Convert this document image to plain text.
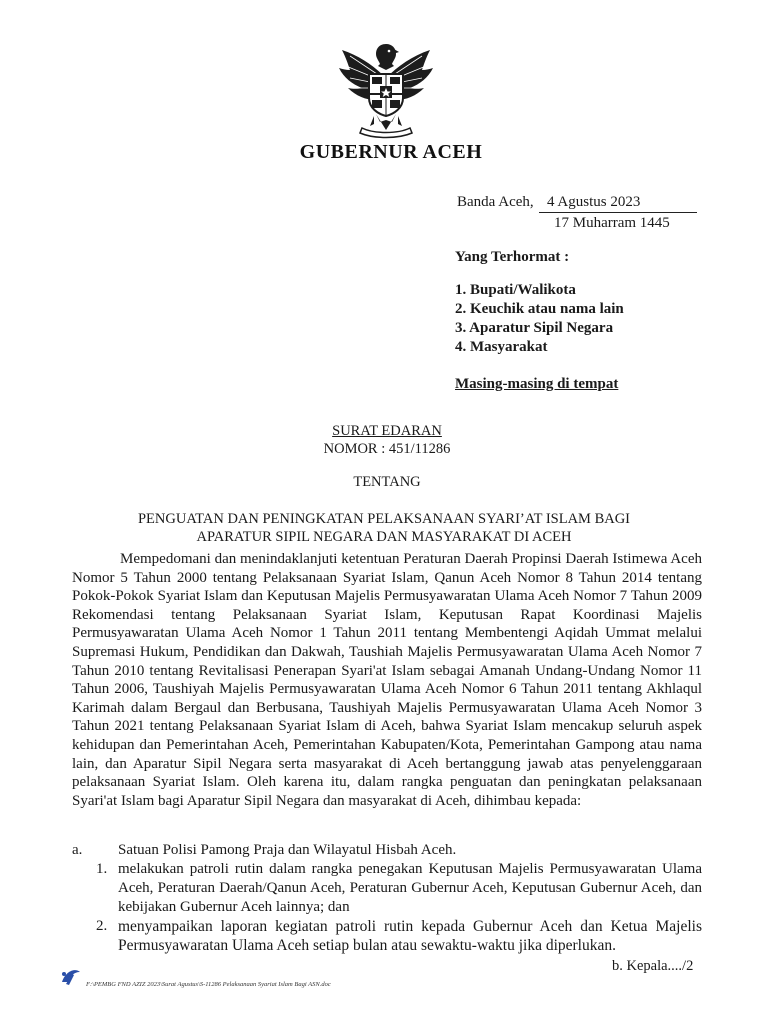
GUBERNUR ACEH
Banda Aceh, 4 Agustus 2023
17 Muharram 1445
Yang Terhormat :
1. Bupati/Walikota
2. Keuchik atau nama lain
3. Aparatur Sipil Negara
4. Masyarakat
Masing-masing di tempat
SURAT EDARAN
NOMOR : 451/11286
TENTANG
PENGUATAN DAN PENINGKATAN PELAKSANAAN SYARI’AT ISLAM BAGI
APARATUR SIPIL NEGARA DAN MASYARAKAT DI ACEH
Mempedomani dan menindaklanjuti ketentuan Peraturan Daerah Propinsi Daerah Istimewa Aceh Nomor 5 Tahun 2000 tentang Pelaksanaan Syariat Islam, Qanun Aceh Nomor 8 Tahun 2014 tentang Pokok-Pokok Syariat Islam dan Keputusan Majelis Permusyawaratan Ulama Aceh Nomor 7 Tahun 2009 Rekomendasi tentang Pelaksanaan Syariat Islam, Keputusan Rapat Koordinasi Majelis Permusyawaratan Ulama Aceh Nomor 1 Tahun 2011 tentang Membentengi Aqidah Ummat melalui Supremasi Hukum, Pendidikan dan Dakwah, Taushiah Majelis Permusyawaratan Ulama Aceh Nomor 7 Tahun 2010 tentang Revitalisasi Penerapan Syari'at Islam sebagai Amanah Undang-Undang Nomor 11 Tahun 2006, Taushiyah Majelis Permusyawaratan Ulama Aceh Nomor 6 Tahun 2011 tentang Akhlaqul Karimah dalam Bergaul dan Berbusana, Taushiyah Majelis Permusyawaratan Ulama Aceh Nomor 3 Tahun 2021 tentang Pelaksanaan Syariat Islam di Aceh, bahwa Syariat Islam mencakup seluruh aspek kehidupan dan Pemerintahan Aceh, Pemerintahan Kabupaten/Kota, Pemerintahan Gampong atau nama lain, dan Aparatur Sipil Negara serta masyarakat di Aceh bertanggung jawab atas penyelenggaraan pelaksanaan Syariat Islam. Oleh karena itu, dalam rangka penguatan dan peningkatan pelaksanaan Syari'at Islam bagi Aparatur Sipil Negara dan masyarakat di Aceh, dihimbau kepada:
a. Satuan Polisi Pamong Praja dan Wilayatul Hisbah Aceh.
1. melakukan patroli rutin dalam rangka penegakan Keputusan Majelis Permusyawaratan Ulama Aceh, Peraturan Daerah/Qanun Aceh, Peraturan Gubernur Aceh, Keputusan Gubernur Aceh, dan kebijakan Gubernur Aceh lainnya; dan
2. menyampaikan laporan kegiatan patroli rutin kepada Gubernur Aceh dan Ketua Majelis Permusyawaratan Ulama Aceh setiap bulan atau sewaktu-waktu jika diperlukan.
b. Kepala..../2
F:\PEMBG FND AZIZ 2023\Surat Agustus\S-11286 Pelaksanaan Syariat Islam Bagi ASN.doc
